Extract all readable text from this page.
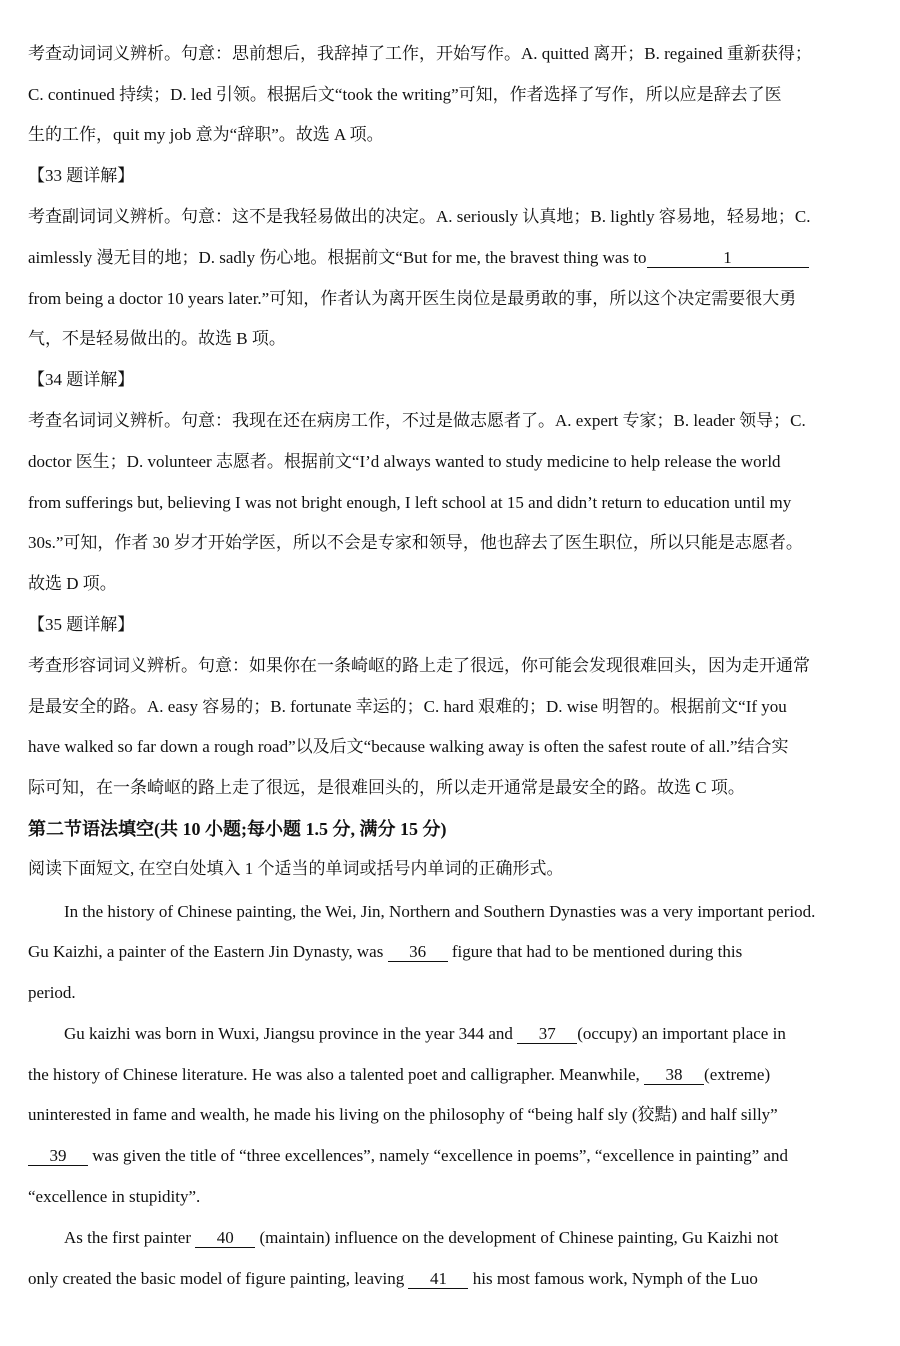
考查动词词义辨析。句意：思前想后，我辞掉了工作，开始写作。A. quitted 离开；B. regained 重新获得；
C. continued 持续；D. led 引领。根据后文“took the writing”可知，作者选择了写作，所以应是辞去了医
生的工作，quit my job 意为“辞职”。故选 A 项。
【33 题详解】
考查副词词义辨析。句意：这不是我轻易做出的决定。A. seriously 认真地；B. lightly 容易地，轻易地；C.
aimlessly 漫无目的地；D. sadly 伤心地。根据前文“But for me, the bravest thing was to	1
from being a doctor 10 years later.”可知，作者认为离开医生岗位是最勇敢的事，所以这个决定需要很大勇
气，不是轻易做出的。故选 B 项。
【34 题详解】
考查名词词义辨析。句意：我现在还在病房工作，不过是做志愿者了。A. expert 专家；B. leader 领导；C.
doctor 医生；D. volunteer 志愿者。根据前文“I’d always wanted to study medicine to help release the world
from sufferings but, believing I was not bright enough, I left school at 15 and didn’t return to education until my
30s.”可知，作者 30 岁才开始学医，所以不会是专家和领导，他也辞去了医生职位，所以只能是志愿者。
故选 D 项。
【35 题详解】
考查形容词词义辨析。句意：如果你在一条崎岖的路上走了很远，你可能会发现很难回头，因为走开通常
是最安全的路。A. easy 容易的；B. fortunate 幸运的；C. hard 艰难的；D. wise 明智的。根据前文“If you
have walked so far down a rough road”以及后文“because walking away is often the safest route of all.”结合实
际可知，在一条崎岖的路上走了很远，是很难回头的，所以走开通常是最安全的路。故选 C 项。
第二节语法填空(共 10 小题;每小题 1.5 分, 满分 15 分)
阅读下面短文, 在空白处填入 1 个适当的单词或括号内单词的正确形式。
In the history of Chinese painting, the Wei, Jin, Northern and Southern Dynasties was a very important period.
Gu Kaizhi, a painter of the Eastern Jin Dynasty, was 36 figure that had to be mentioned during this
period.
Gu kaizhi was born in Wuxi, Jiangsu province in the year 344 and 37 (occupy) an important place in
the history of Chinese literature. He was also a talented poet and calligrapher. Meanwhile, 38 (extreme)
uninterested in fame and wealth, he made his living on the philosophy of “being half sly (狡黠) and half silly”
39 was given the title of “three excellences”, namely “excellence in poems”, “excellence in painting” and
“excellence in stupidity”.
As the first painter 40 (maintain) influence on the development of Chinese painting, Gu Kaizhi not
only created the basic model of figure painting, leaving 41 his most famous work, Nymph of the Luo
